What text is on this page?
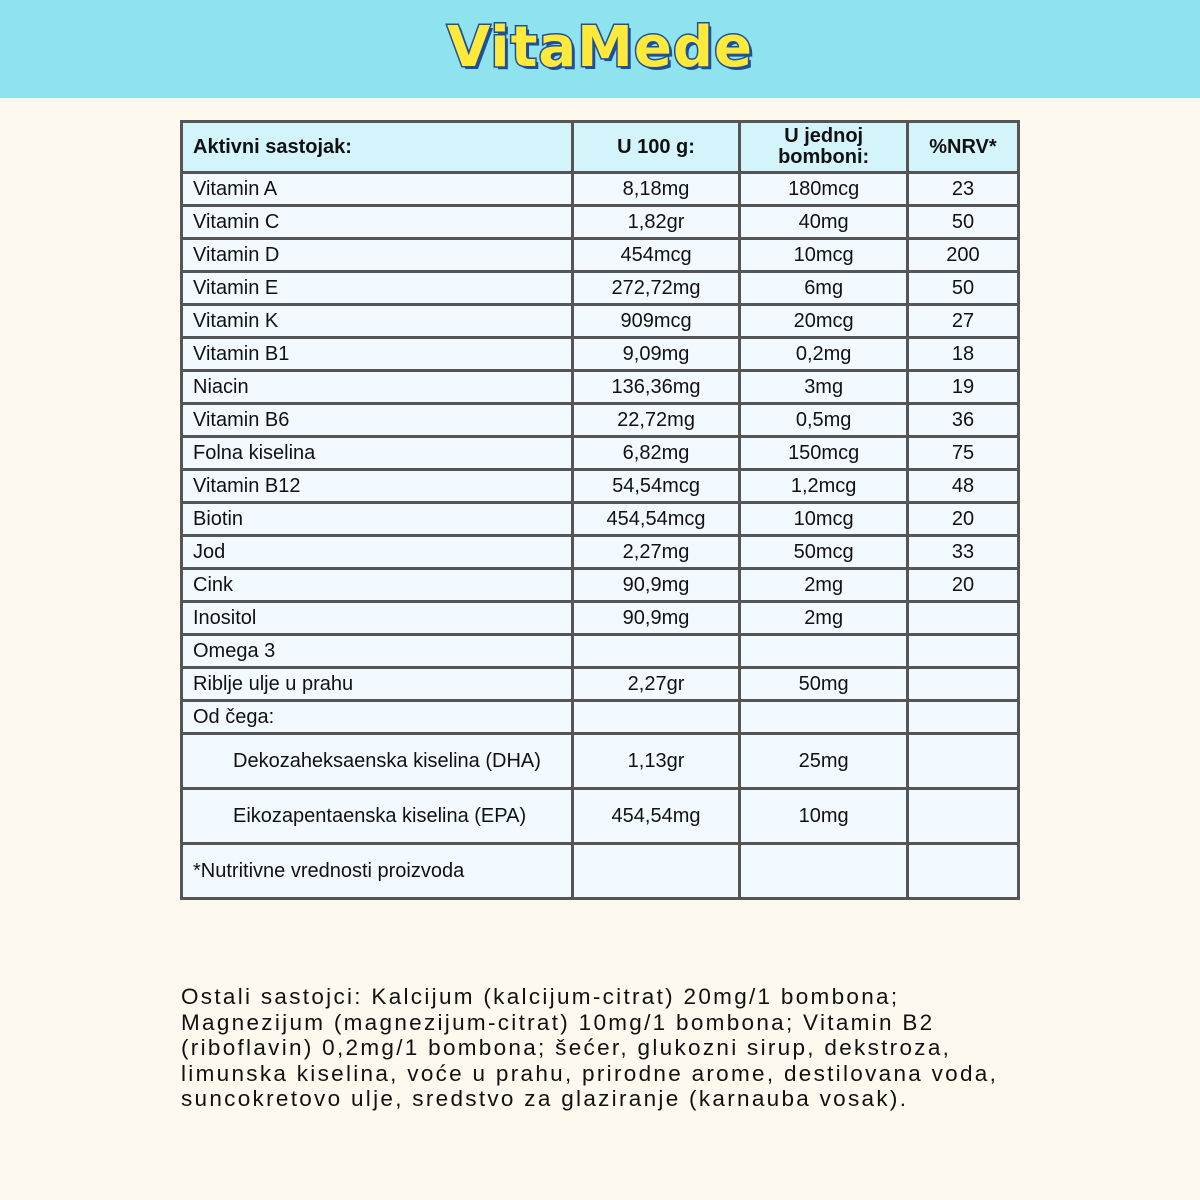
VitaMede
Aktivni sastojak:	U 100 g:	U jednoj bomboni:	%NRV*
Vitamin A	8,18mg	180mcg	23
Vitamin C	1,82gr	40mg	50
Vitamin D	454mcg	10mcg	200
Vitamin E	272,72mg	6mg	50
Vitamin K	909mcg	20mcg	27
Vitamin B1	9,09mg	0,2mg	18
Niacin	136,36mg	3mg	19
Vitamin B6	22,72mg	0,5mg	36
Folna kiselina	6,82mg	150mcg	75
Vitamin B12	54,54mcg	1,2mcg	48
Biotin	454,54mcg	10mcg	20
Jod	2,27mg	50mcg	33
Cink	90,9mg	2mg	20
Inositol	90,9mg	2mg	
Omega 3			
Riblje ulje u prahu	2,27gr	50mg	
Od čega:			
Dekozaheksaenska kiselina (DHA)	1,13gr	25mg	
Eikozapentaenska kiselina (EPA)	454,54mg	10mg	
*Nutritivne vrednosti proizvoda			

Ostali sastojci: Kalcijum (kalcijum-citrat) 20mg/1 bombona; Magnezijum (magnezijum-citrat) 10mg/1 bombona; Vitamin B2 (riboflavin) 0,2mg/1 bombona; šećer, glukozni sirup, dekstroza, limunska kiselina, voće u prahu, prirodne arome, destilovana voda, suncokretovo ulje, sredstvo za glaziranje (karnauba vosak).
